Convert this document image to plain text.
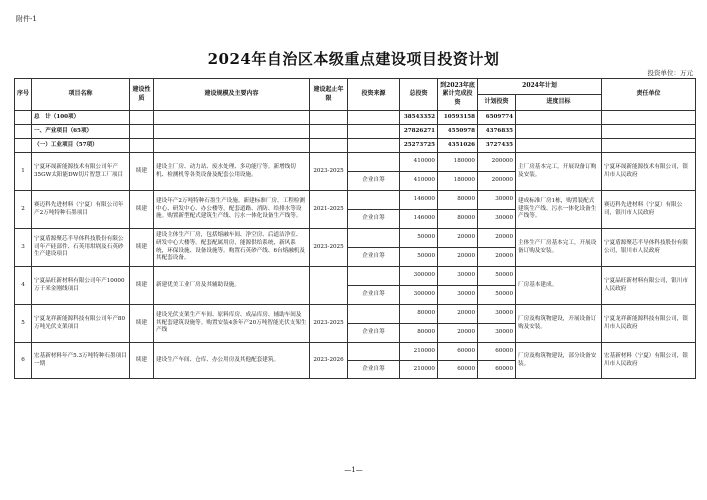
附件-1
2024年自治区本级重点建设项目投资计划
投资单位：万元
序号	项目名称	建设性质	建设规模及主要内容	建设起止年限	投资来源	总投资	到2023年底累计完成投资	2024年计划		责任单位
								计划投资	进度目标	
	总　计（100项）					38543352	10593158	6509774		
	一、产业项目（65项）					27826271	4550978	4376835		
	（一）工业项目（57项）					25273725	4351026	3727435		
1	宁夏环晟新能源技术有限公司年产35GW太阳能DW切片智慧工厂项目	续建	建设主厂房、动力站、废水处理、多功能厅等。新增线切机、检测机等各类设备及配套公用设施。	2023-2025		410000	180000	200000	主厂房基本完工，开展设备订购及安装。	宁夏环晟新能源技术有限公司，银川市人民政府
					企业自筹	410000	180000	200000		
2	赛迈科先进材料（宁夏）有限公司年产2万吨特种石墨项目	续建	建设年产2万吨特种石墨生产设施。新建标准厂房、工程检测中心、研发中心、办公楼等，配套道路、消防、给排水等设施。购置新型配式建筑生产线、污水一体化设备生产线等。	2021-2025		146000	80000	30000	建成标准厂房1栋，购置装配式建筑生产线、污水一体化设备生产线等。	赛迈科先进材料（宁夏）有限公司，银川市人民政府
					企业自筹	146000	80000	30000		
3	宁夏盾源聚芯半导体科技股份有限公司年产硅部件、石英用坩埚及石英砂生产建设项目	续建	建设主体生产厂房，包括熔融车间、净空房、后道洁净室、研发中心大楼等。配套配属用房，能源供给系统，新风系统，环保设施、设备设施等。购置石英砂产线、6台熔融机及其配套设备。	2023-2025		50000	20000	20000	主体生产厂房基本完工，开展设备订购及安装。	宁夏盾源聚芯半导体科技股份有限公司，银川市人民政府
					企业自筹	50000	20000	20000		
4	宁夏晶旺新材料有限公司年产10000万千米金刚线项目	续建	新建优美工业厂房及其辅助设施。			300000	30000	50000	厂房基本建成。	宁夏晶旺新材料有限公司，银川市人民政府
					企业自筹	300000	30000	50000		
5	宁夏龙祥新能源科技有限公司年产80万吨光伏支架项目	续建	建设光伏支架生产车间、原料库房、成品库房、辅助车间及其配套建筑设施等。购置安装4条年产20万吨智能光伏支架生产线	2023-2025		80000	20000	30000	厂房及构筑物建设，开展设备订购及安装。	宁夏龙祥新能源科技有限公司，银川市人民政府
					企业自筹	80000	20000	30000		
6	宏基新材料年产5.3万吨特种石墨项目一期	续建	建设生产车间、仓库、办公用房及其他配套建筑。	2023-2026		210000	60000	60000	厂房及构筑物建设，部分设备安装。	宏基新材料（宁夏）有限公司，银川市人民政府
					企业自筹	210000	60000	60000		
—1—
